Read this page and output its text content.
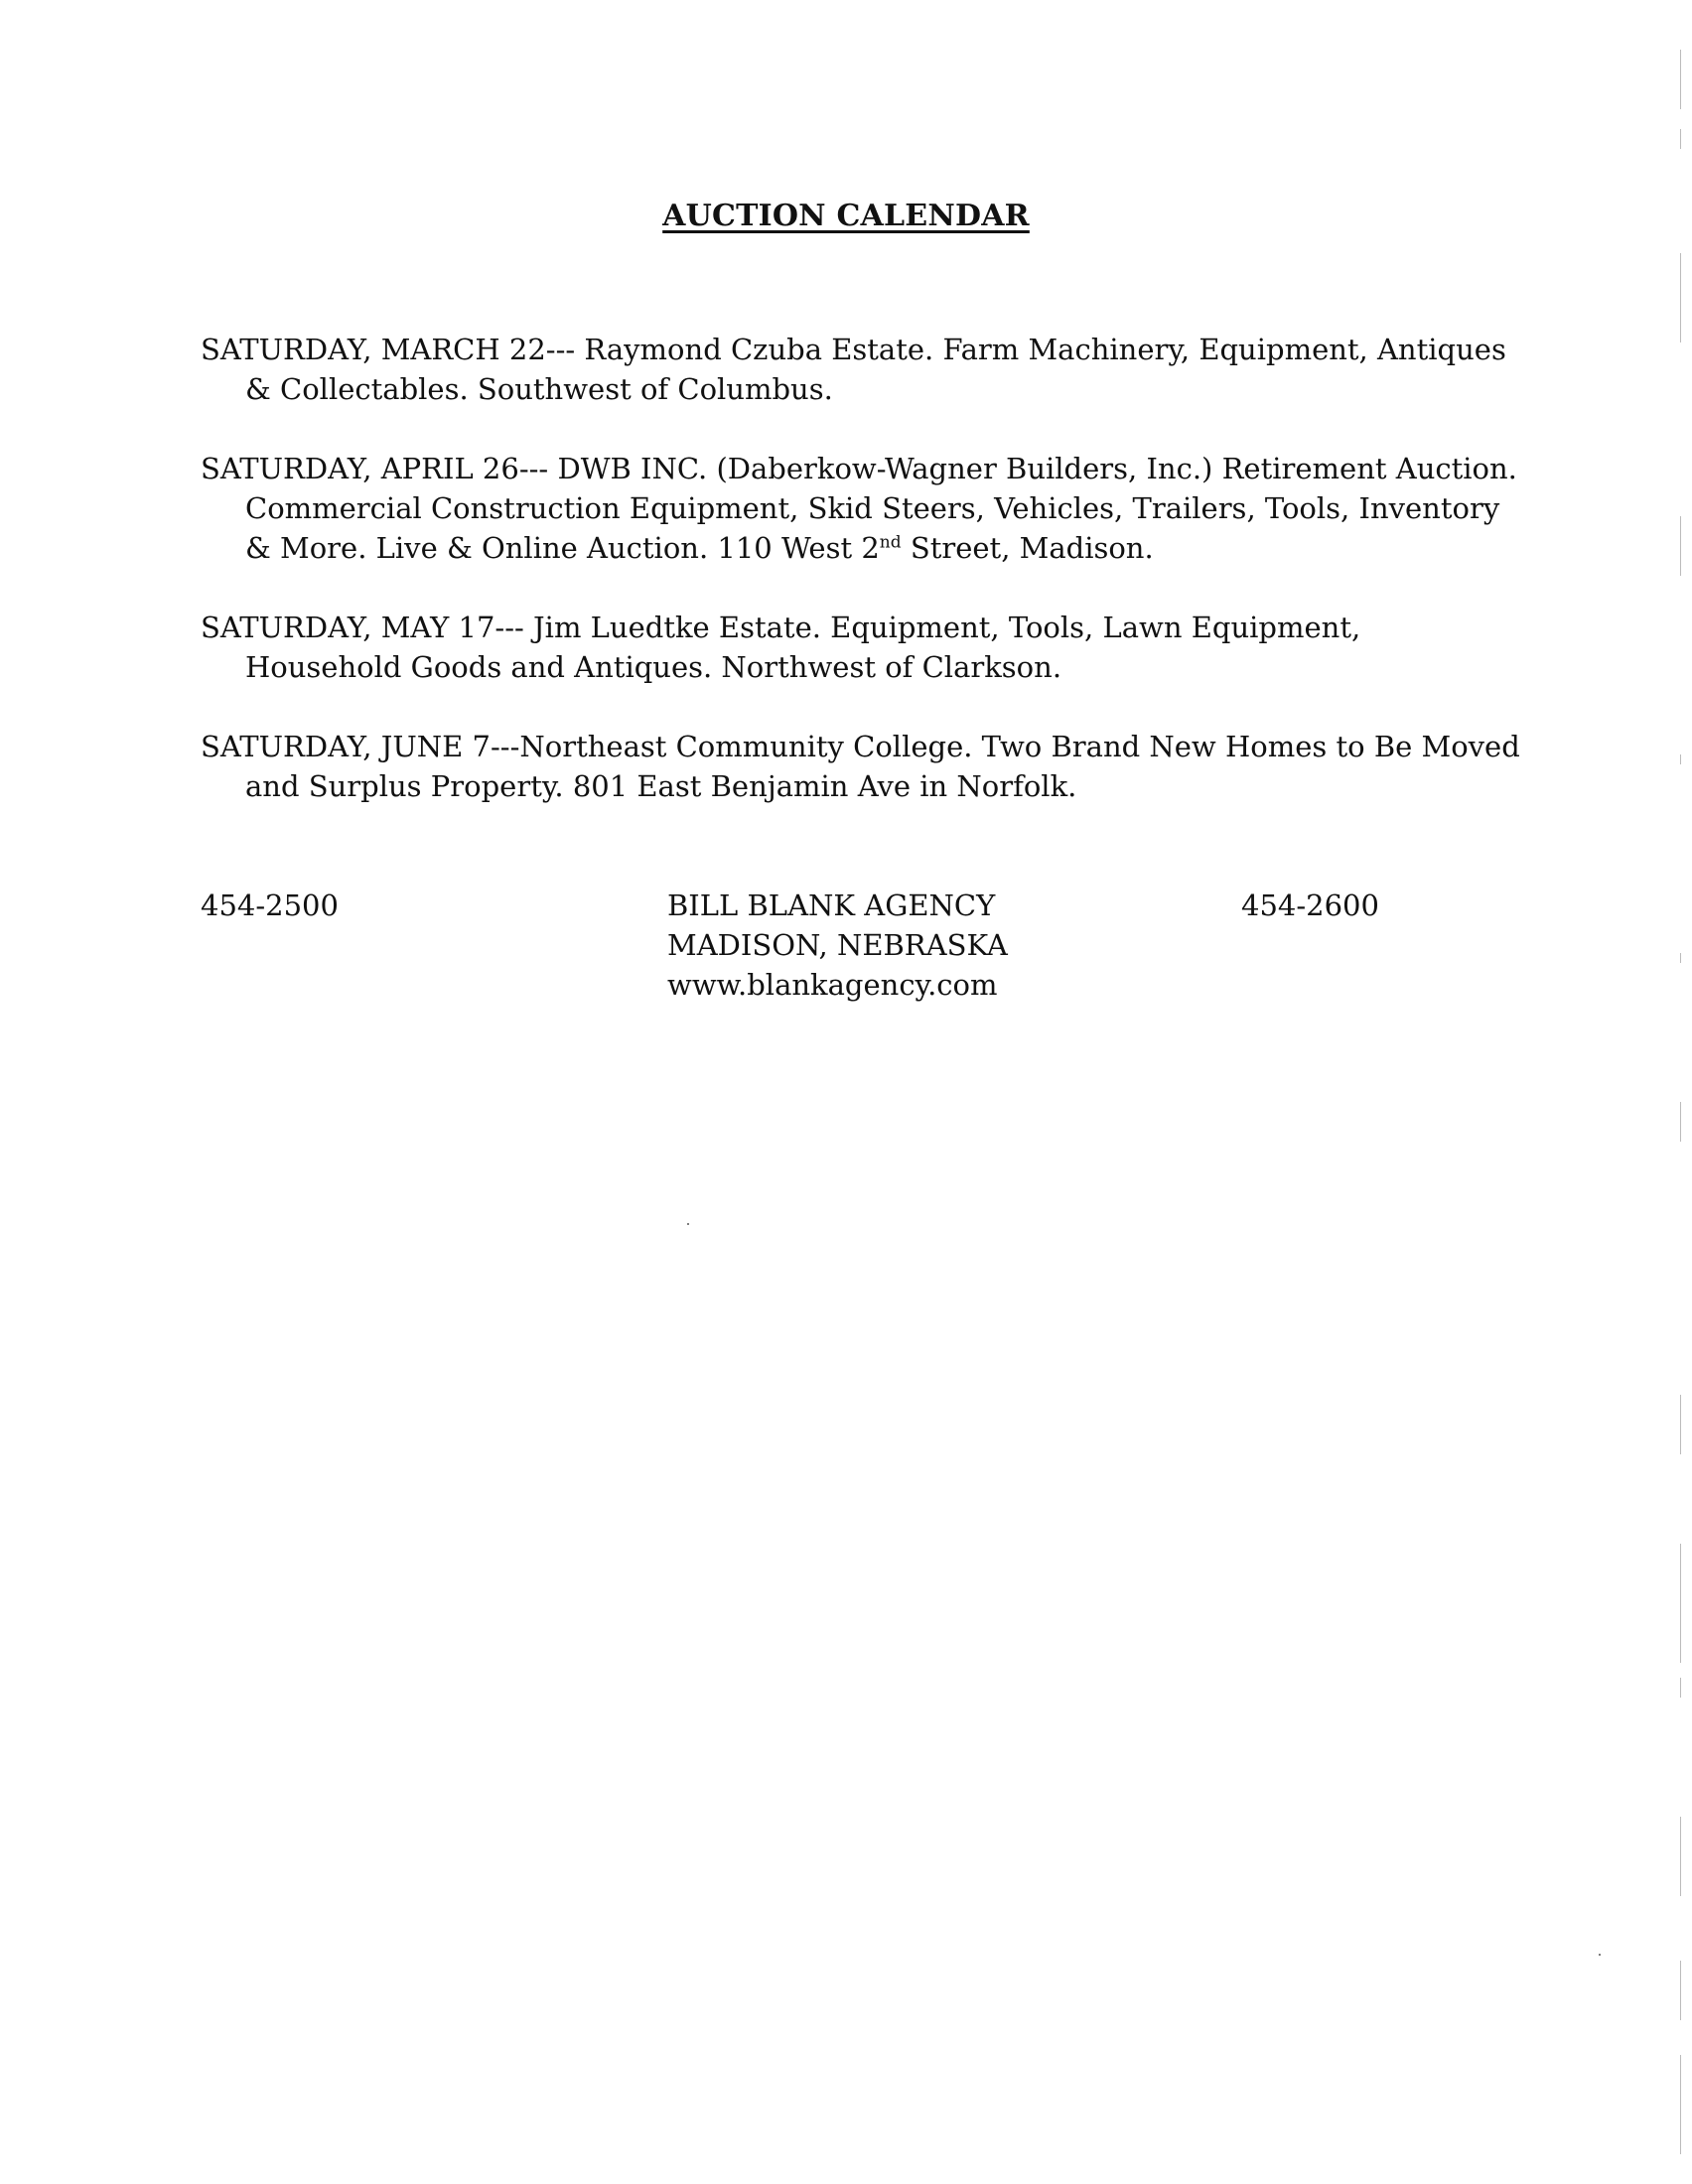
AUCTION CALENDAR

SATURDAY, MARCH 22--- Raymond Czuba Estate. Farm Machinery, Equipment, Antiques & Collectables. Southwest of Columbus.

SATURDAY, APRIL 26--- DWB INC. (Daberkow-Wagner Builders, Inc.) Retirement Auction. Commercial Construction Equipment, Skid Steers, Vehicles, Trailers, Tools, Inventory & More. Live & Online Auction. 110 West 2nd Street, Madison.

SATURDAY, MAY 17--- Jim Luedtke Estate. Equipment, Tools, Lawn Equipment, Household Goods and Antiques. Northwest of Clarkson.

SATURDAY, JUNE 7---Northeast Community College. Two Brand New Homes to Be Moved and Surplus Property. 801 East Benjamin Ave in Norfolk.

454-2500	BILL BLANK AGENCY
MADISON, NEBRASKA
www.blankagency.com
454-2600
